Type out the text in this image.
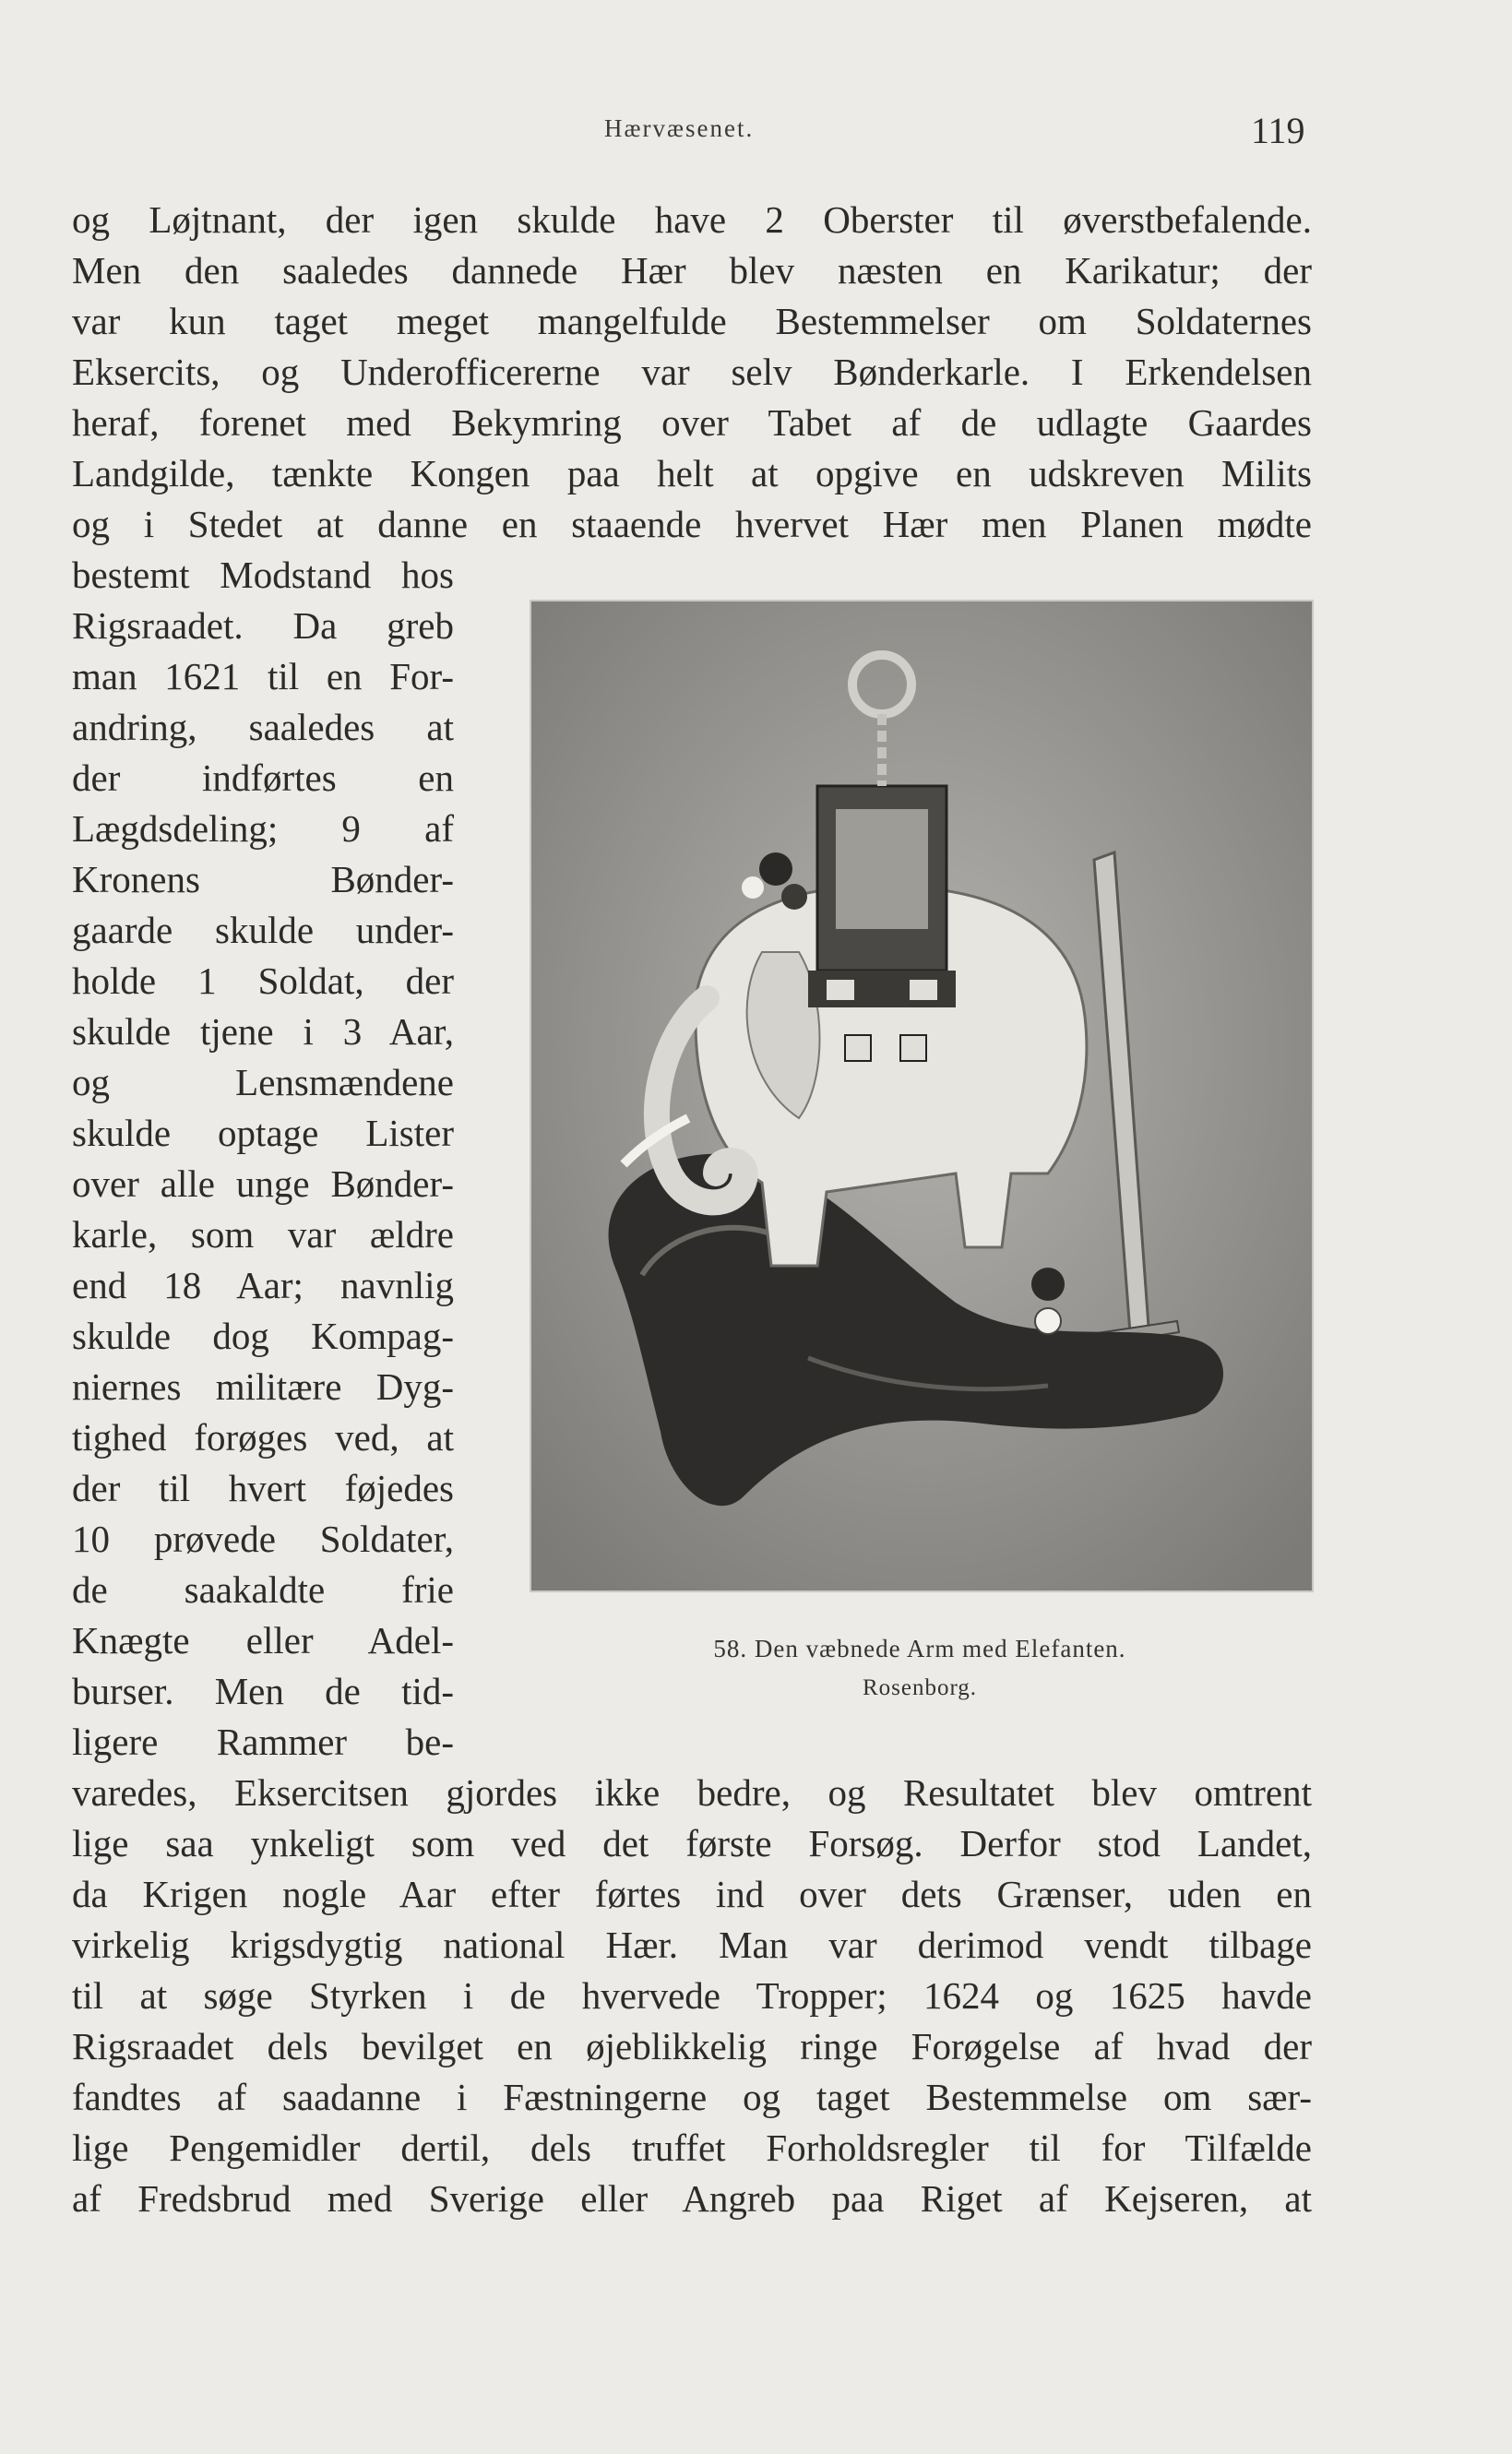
Hærvæsenet.	119
og Løjtnant, der igen skulde have 2 Oberster til øverstbefalende.
Men den saaledes dannede Hær blev næsten en Karikatur; der
var kun taget meget mangelfulde Bestemmelser om Soldaternes
Eksercits, og Underofficererne var selv Bønderkarle. I Erkendelsen
heraf, forenet med Bekymring over Tabet af de udlagte Gaardes
Landgilde, tænkte Kongen paa helt at opgive en udskreven Milits
og i Stedet at danne en staaende hvervet Hær men Planen mødte
bestemt Modstand hos
Rigsraadet. Da greb
man 1621 til en For-
andring, saaledes at
der indførtes en
Lægdsdeling; 9 af
Kronens Bønder-
gaarde skulde under-
holde 1 Soldat, der
skulde tjene i 3 Aar,
og Lensmændene
skulde optage Lister
over alle unge Bønder-
karle, som var ældre
end 18 Aar; navnlig
skulde dog Kompag-
niernes militære Dyg-
tighed forøges ved, at
der til hvert føjedes
10 prøvede Soldater,
de saakaldte frie
Knægte eller Adel-
burser. Men de tid-
ligere Rammer be-
varedes, Eksercitsen gjordes ikke bedre, og Resultatet blev omtrent
lige saa ynkeligt som ved det første Forsøg. Derfor stod Landet,
da Krigen nogle Aar efter førtes ind over dets Grænser, uden en
virkelig krigsdygtig national Hær. Man var derimod vendt tilbage
til at søge Styrken i de hvervede Tropper; 1624 og 1625 havde
Rigsraadet dels bevilget en øjeblikkelig ringe Forøgelse af hvad der
fandtes af saadanne i Fæstningerne og taget Bestemmelse om sær-
lige Pengemidler dertil, dels truffet Forholdsregler til for Tilfælde
af Fredsbrud med Sverige eller Angreb paa Riget af Kejseren, at
58. Den væbnede Arm med Elefanten.
Rosenborg.
